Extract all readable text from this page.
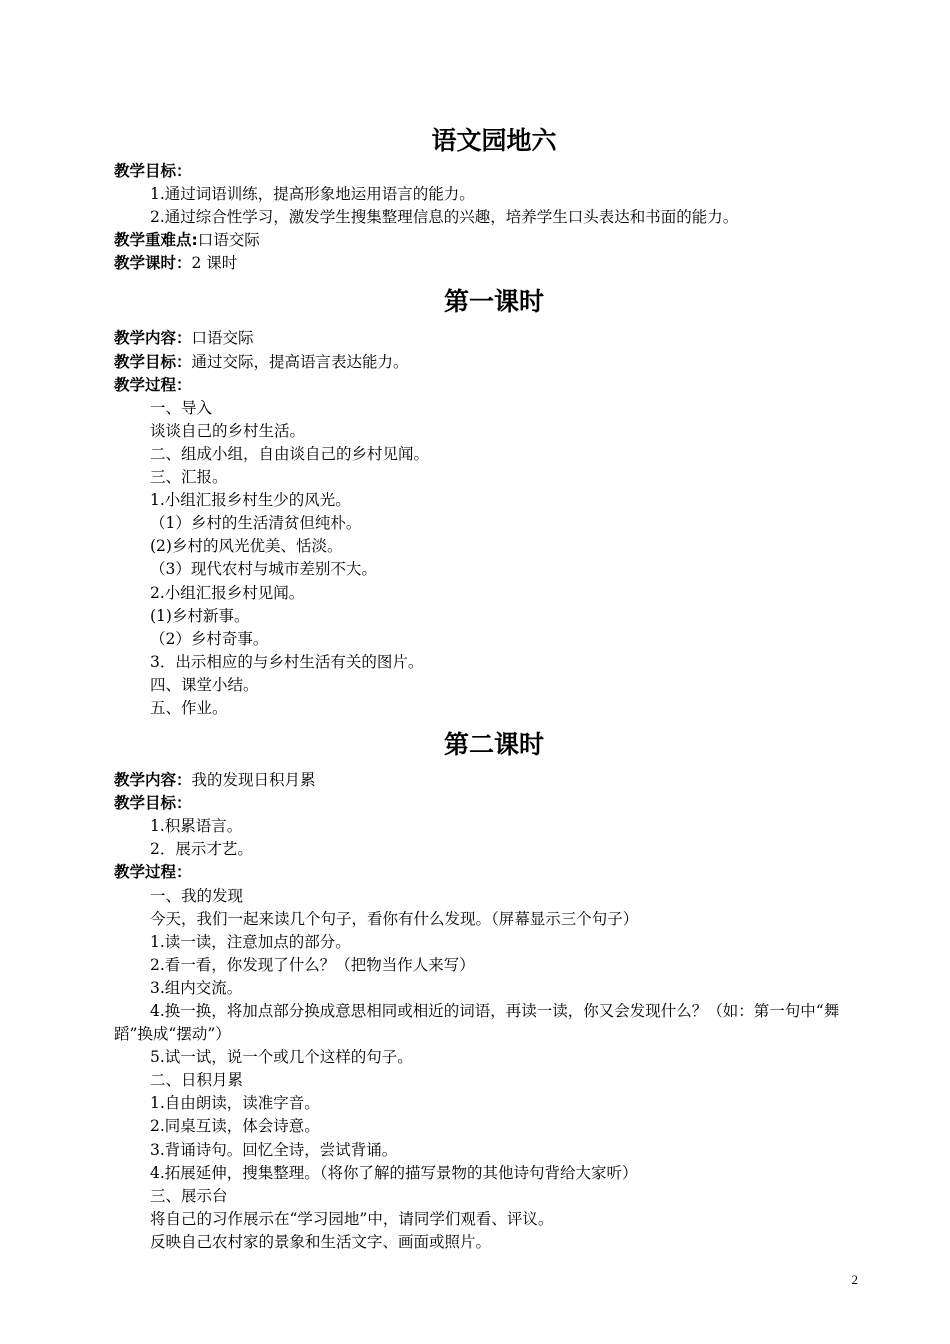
语文园地六
教学目标：
1.通过词语训练，提高形象地运用语言的能力。
2.通过综合性学习，激发学生搜集整理信息的兴趣，培养学生口头表达和书面的能力。
教学重难点:口语交际
教学课时：2 课时
第一课时
教学内容：口语交际
教学目标：通过交际，提高语言表达能力。
教学过程：
一、导入
谈谈自己的乡村生活。
二、组成小组，自由谈自己的乡村见闻。
三、汇报。
1.小组汇报乡村生少的风光。
（1）乡村的生活清贫但纯朴。
(2)乡村的风光优美、恬淡。
（3）现代农村与城市差别不大。
2.小组汇报乡村见闻。
(1)乡村新事。
（2）乡村奇事。
3．出示相应的与乡村生活有关的图片。
四、课堂小结。
五、作业。
第二课时
教学内容：我的发现日积月累
教学目标：
1.积累语言。
2．展示才艺。
教学过程：
一、我的发现
今天，我们一起来读几个句子，看你有什么发现。（屏幕显示三个句子）
1.读一读，注意加点的部分。
2.看一看，你发现了什么？（把物当作人来写）
3.组内交流。
4.换一换，将加点部分换成意思相同或相近的词语，再读一读，你又会发现什么？（如：第一句中“舞蹈”换成“摆动”）
5.试一试，说一个或几个这样的句子。
二、日积月累
1.自由朗读，读准字音。
2.同桌互读，体会诗意。
3.背诵诗句。回忆全诗，尝试背诵。
4.拓展延伸，搜集整理。（将你了解的描写景物的其他诗句背给大家听）
三、展示台
将自己的习作展示在“学习园地”中，请同学们观看、评议。
反映自己农村家的景象和生活文字、画面或照片。
2
